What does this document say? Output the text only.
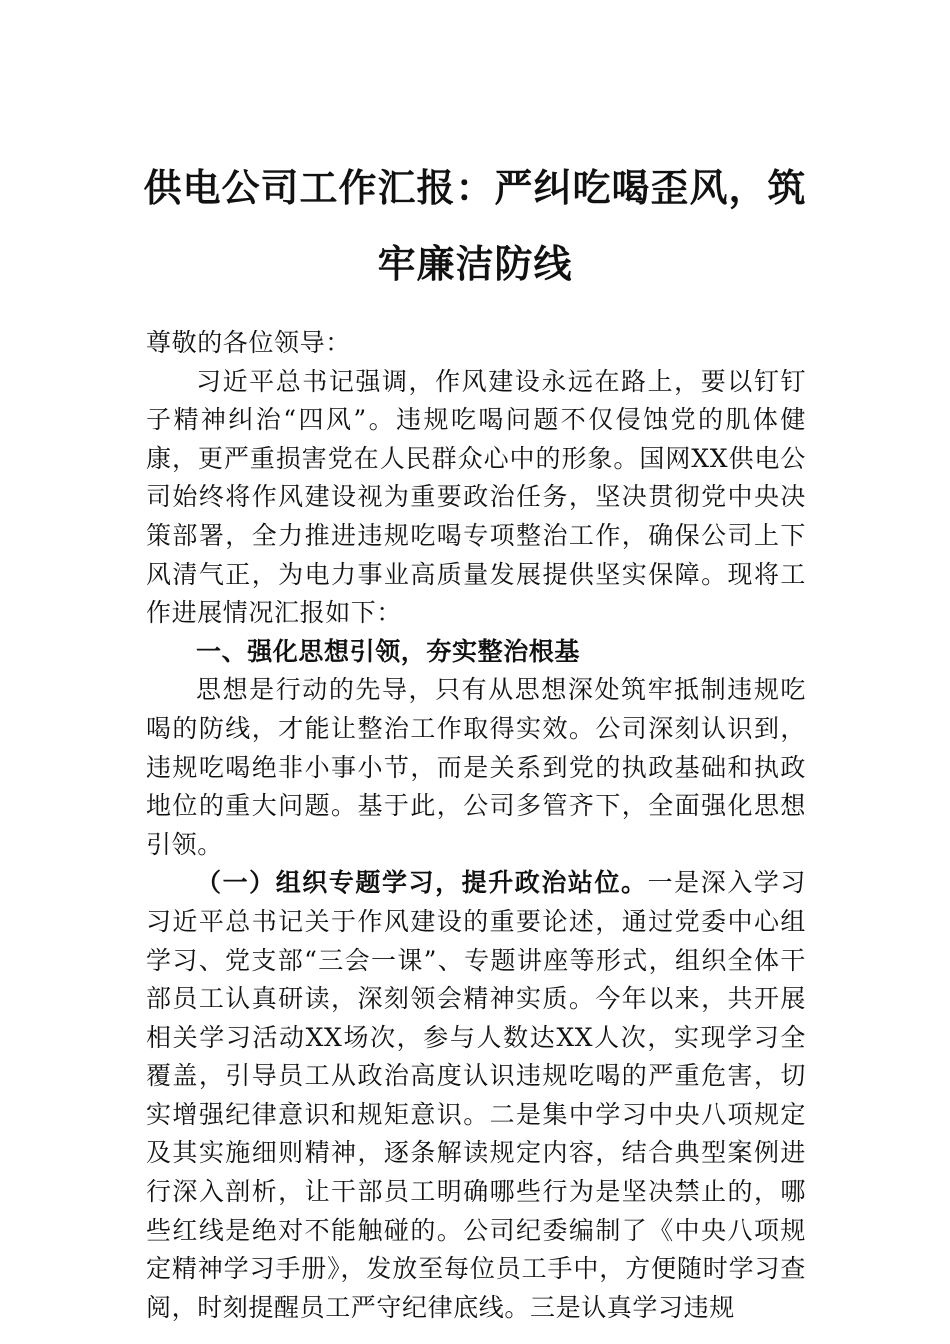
供电公司工作汇报：严纠吃喝歪风，筑牢廉洁防线

尊敬的各位领导：

习近平总书记强调，作风建设永远在路上，要以钉钉子精神纠治“四风”。违规吃喝问题不仅侵蚀党的肌体健康，更严重损害党在人民群众心中的形象。国网XX供电公司始终将作风建设视为重要政治任务，坚决贯彻党中央决策部署，全力推进违规吃喝专项整治工作，确保公司上下风清气正，为电力事业高质量发展提供坚实保障。现将工作进展情况汇报如下：

一、强化思想引领，夯实整治根基

思想是行动的先导，只有从思想深处筑牢抵制违规吃喝的防线，才能让整治工作取得实效。公司深刻认识到，违规吃喝绝非小事小节，而是关系到党的执政基础和执政地位的重大问题。基于此，公司多管齐下，全面强化思想引领。

（一）组织专题学习，提升政治站位。一是深入学习习近平总书记关于作风建设的重要论述，通过党委中心组学习、党支部“三会一课”、专题讲座等形式，组织全体干部员工认真研读，深刻领会精神实质。今年以来，共开展相关学习活动XX场次，参与人数达XX人次，实现学习全覆盖，引导员工从政治高度认识违规吃喝的严重危害，切实增强纪律意识和规矩意识。二是集中学习中央八项规定及其实施细则精神，逐条解读规定内容，结合典型案例进行深入剖析，让干部员工明确哪些行为是坚决禁止的，哪些红线是绝对不能触碰的。公司纪委编制了《中央八项规定精神学习手册》，发放至每位员工手中，方便随时学习查阅，时刻提醒员工严守纪律底线。三是认真学习违规
